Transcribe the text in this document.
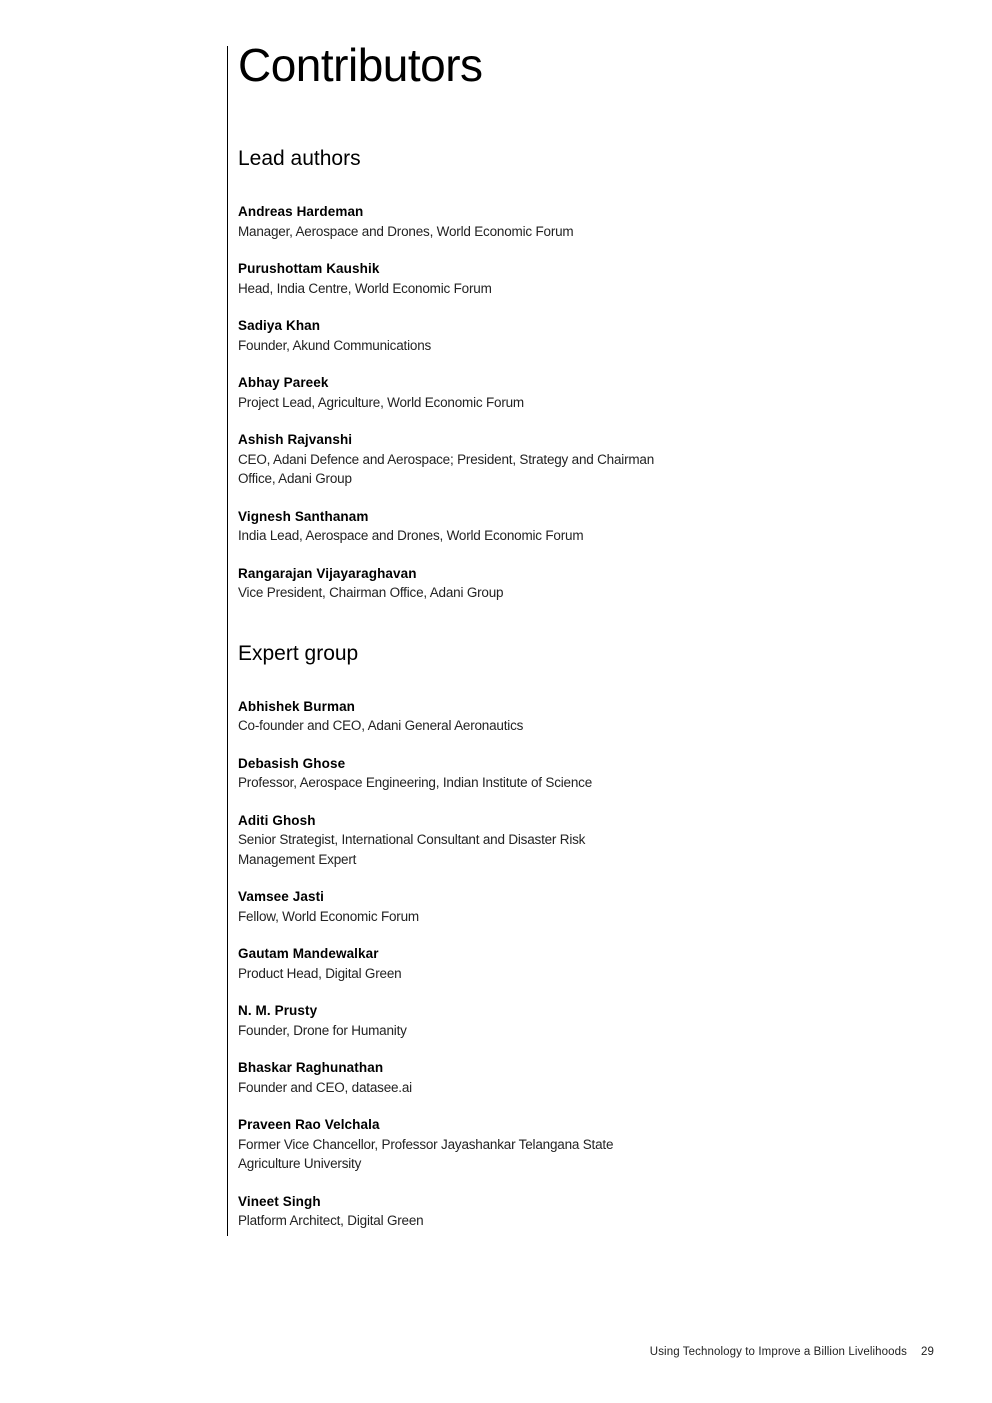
Contributors
Lead authors
Andreas Hardeman
Manager, Aerospace and Drones, World Economic Forum
Purushottam Kaushik
Head, India Centre, World Economic Forum
Sadiya Khan
Founder, Akund Communications
Abhay Pareek
Project Lead, Agriculture, World Economic Forum
Ashish Rajvanshi
CEO, Adani Defence and Aerospace; President, Strategy and Chairman Office, Adani Group
Vignesh Santhanam
India Lead, Aerospace and Drones, World Economic Forum
Rangarajan Vijayaraghavan
Vice President, Chairman Office, Adani Group
Expert group
Abhishek Burman
Co-founder and CEO, Adani General Aeronautics
Debasish Ghose
Professor, Aerospace Engineering, Indian Institute of Science
Aditi Ghosh
Senior Strategist, International Consultant and Disaster Risk Management Expert
Vamsee Jasti
Fellow, World Economic Forum
Gautam Mandewalkar
Product Head, Digital Green
N. M. Prusty
Founder, Drone for Humanity
Bhaskar Raghunathan
Founder and CEO, datasee.ai
Praveen Rao Velchala
Former Vice Chancellor, Professor Jayashankar Telangana State Agriculture University
Vineet Singh
Platform Architect, Digital Green
Using Technology to Improve a Billion Livelihoods 29
